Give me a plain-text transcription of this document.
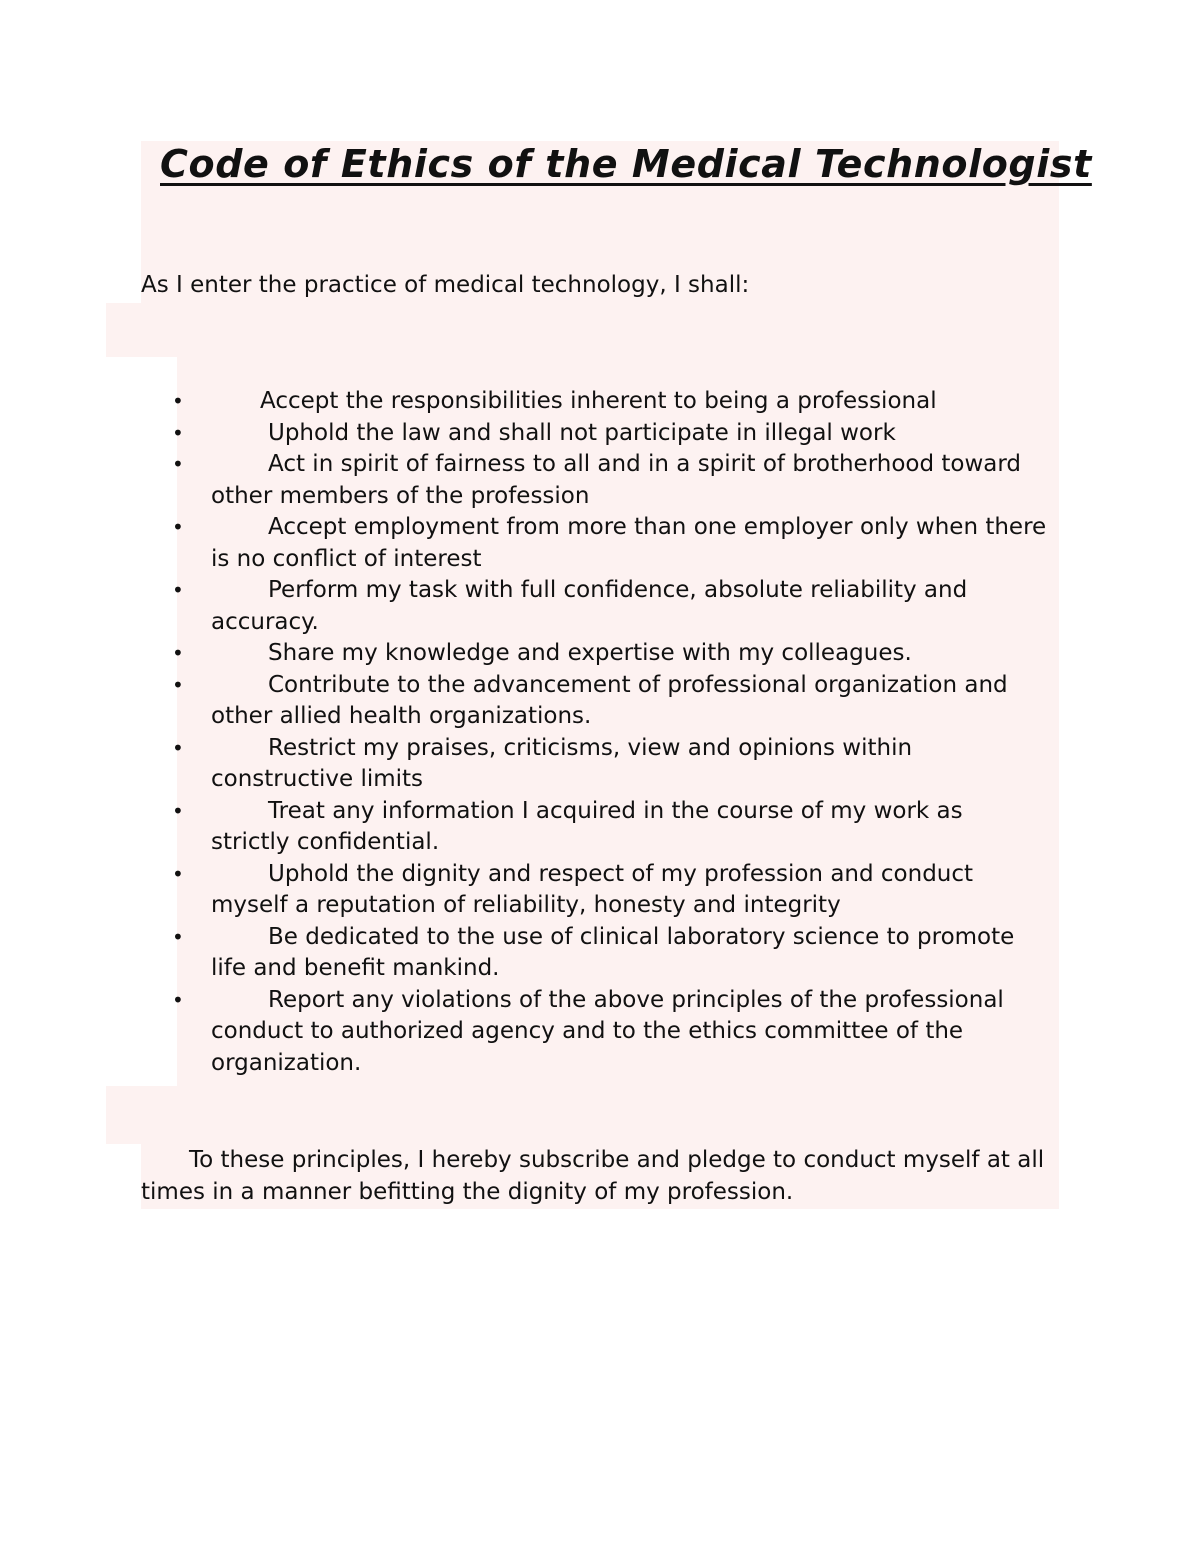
Code of Ethics of the Medical Technologist
As I enter the practice of medical technology, I shall:
•	Accept the responsibilities inherent to being a professional
•	Uphold the law and shall not participate in illegal work
•	Act in spirit of fairness to all and in a spirit of brotherhood toward other members of the profession
•	Accept employment from more than one employer only when there is no conflict of interest
•	Perform my task with full confidence, absolute reliability and accuracy.
•	Share my knowledge and expertise with my colleagues.
•	Contribute to the advancement of professional organization and other allied health organizations.
•	Restrict my praises, criticisms, view and opinions within constructive limits
•	Treat any information I acquired in the course of my work as strictly confidential.
•	Uphold the dignity and respect of my profession and conduct myself a reputation of reliability, honesty and integrity
•	Be dedicated to the use of clinical laboratory science to promote life and benefit mankind.
•	Report any violations of the above principles of the professional conduct to authorized agency and to the ethics committee of the organization.
To these principles, I hereby subscribe and pledge to conduct myself at all times in a manner befitting the dignity of my profession.
